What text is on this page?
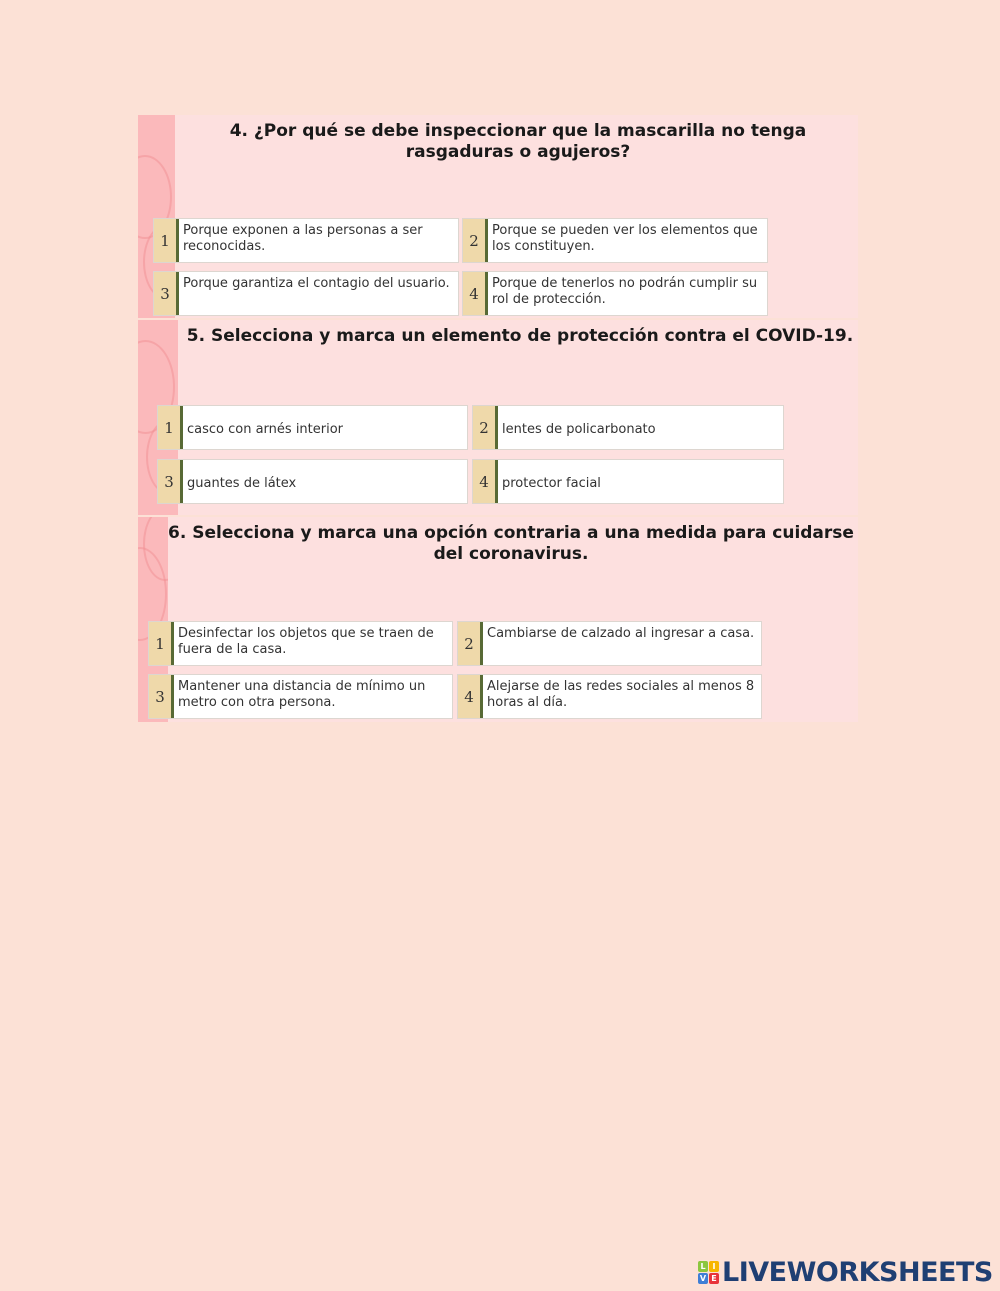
4. ¿Por qué se debe inspeccionar que la mascarilla no tenga rasgaduras o agujeros?
1
Porque exponen a las personas a ser reconocidas.	2
Porque se pueden ver los elementos que los constituyen.
3
Porque garantiza el contagio del usuario.
4
Porque de tenerlos no podrán cumplir su rol de protección.
5. Selecciona y marca un elemento de protección contra el COVID-19.
1	casco con arnés interior	2	lentes de policarbonato
3	guantes de látex	4	protector facial
6. Selecciona y marca una opción contraria a una medida para cuidarse del coronavirus.
1
Desinfectar los objetos que se traen de fuera de la casa.	2
Cambiarse de calzado al ingresar a casa.
3
Mantener una distancia de mínimo un metro con otra persona.	4
Alejarse de las redes sociales al menos 8 horas al día.
L I
V E LIVEWORKSHEETS
